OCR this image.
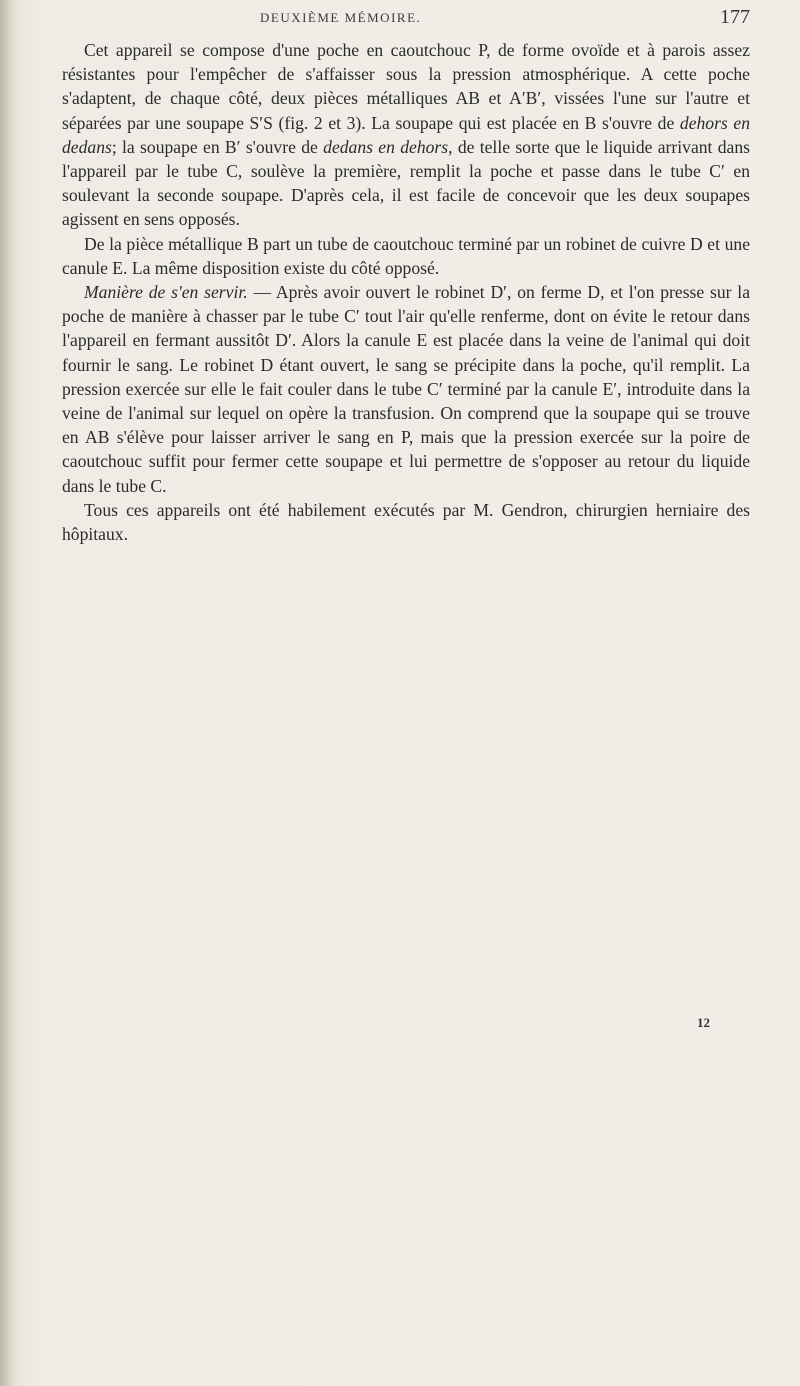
DEUXIÈME MÉMOIRE.	177

Cet appareil se compose d'une poche en caoutchouc P, de forme ovoïde et à parois assez résistantes pour l'empêcher de s'affaisser sous la pression atmosphérique. A cette poche s'adaptent, de chaque côté, deux pièces métalliques AB et A′B′, vissées l'une sur l'autre et séparées par une soupape S′S (fig. 2 et 3). La soupape qui est placée en B s'ouvre de dehors en dedans; la soupape en B′ s'ouvre de dedans en dehors, de telle sorte que le liquide arrivant dans l'appareil par le tube C, soulève la première, remplit la poche et passe dans le tube C′ en soulevant la seconde soupape. D'après cela, il est facile de concevoir que les deux soupapes agissent en sens opposés.

De la pièce métallique B part un tube de caoutchouc terminé par un robinet de cuivre D et une canule E. La même disposition existe du côté opposé.

Manière de s'en servir. — Après avoir ouvert le robinet D′, on ferme D, et l'on presse sur la poche de manière à chasser par le tube C′ tout l'air qu'elle renferme, dont on évite le retour dans l'appareil en fermant aussitôt D′. Alors la canule E est placée dans la veine de l'animal qui doit fournir le sang. Le robinet D étant ouvert, le sang se précipite dans la poche, qu'il remplit. La pression exercée sur elle le fait couler dans le tube C′ terminé par la canule E′, introduite dans la veine de l'animal sur lequel on opère la transfusion. On comprend que la soupape qui se trouve en AB s'élève pour laisser arriver le sang en P, mais que la pression exercée sur la poire de caoutchouc suffit pour fermer cette soupape et lui permettre de s'opposer au retour du liquide dans le tube C.

Tous ces appareils ont été habilement exécutés par M. Gendron, chirurgien herniaire des hôpitaux.

12
